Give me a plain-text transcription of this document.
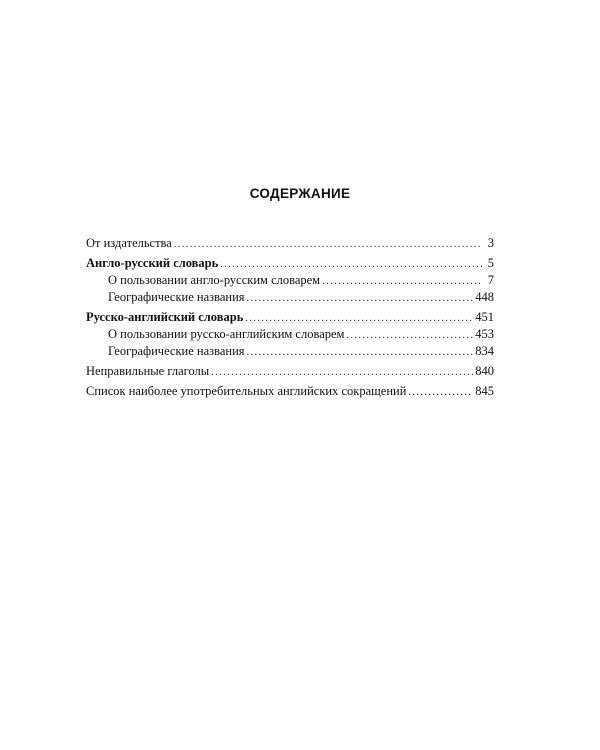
СОДЕРЖАНИЕ
От издательства . . .	3
Англо-русский словарь . . .	5
О пользовании англо-русским словарем . . .	7
Географические названия . . .	448
Русско-английский словарь . . .	451
О пользовании русско-английским словарем . . .	453
Географические названия . . .	834
Неправильные глаголы . . .	840
Список наиболее употребительных английских сокращений . . .	845
